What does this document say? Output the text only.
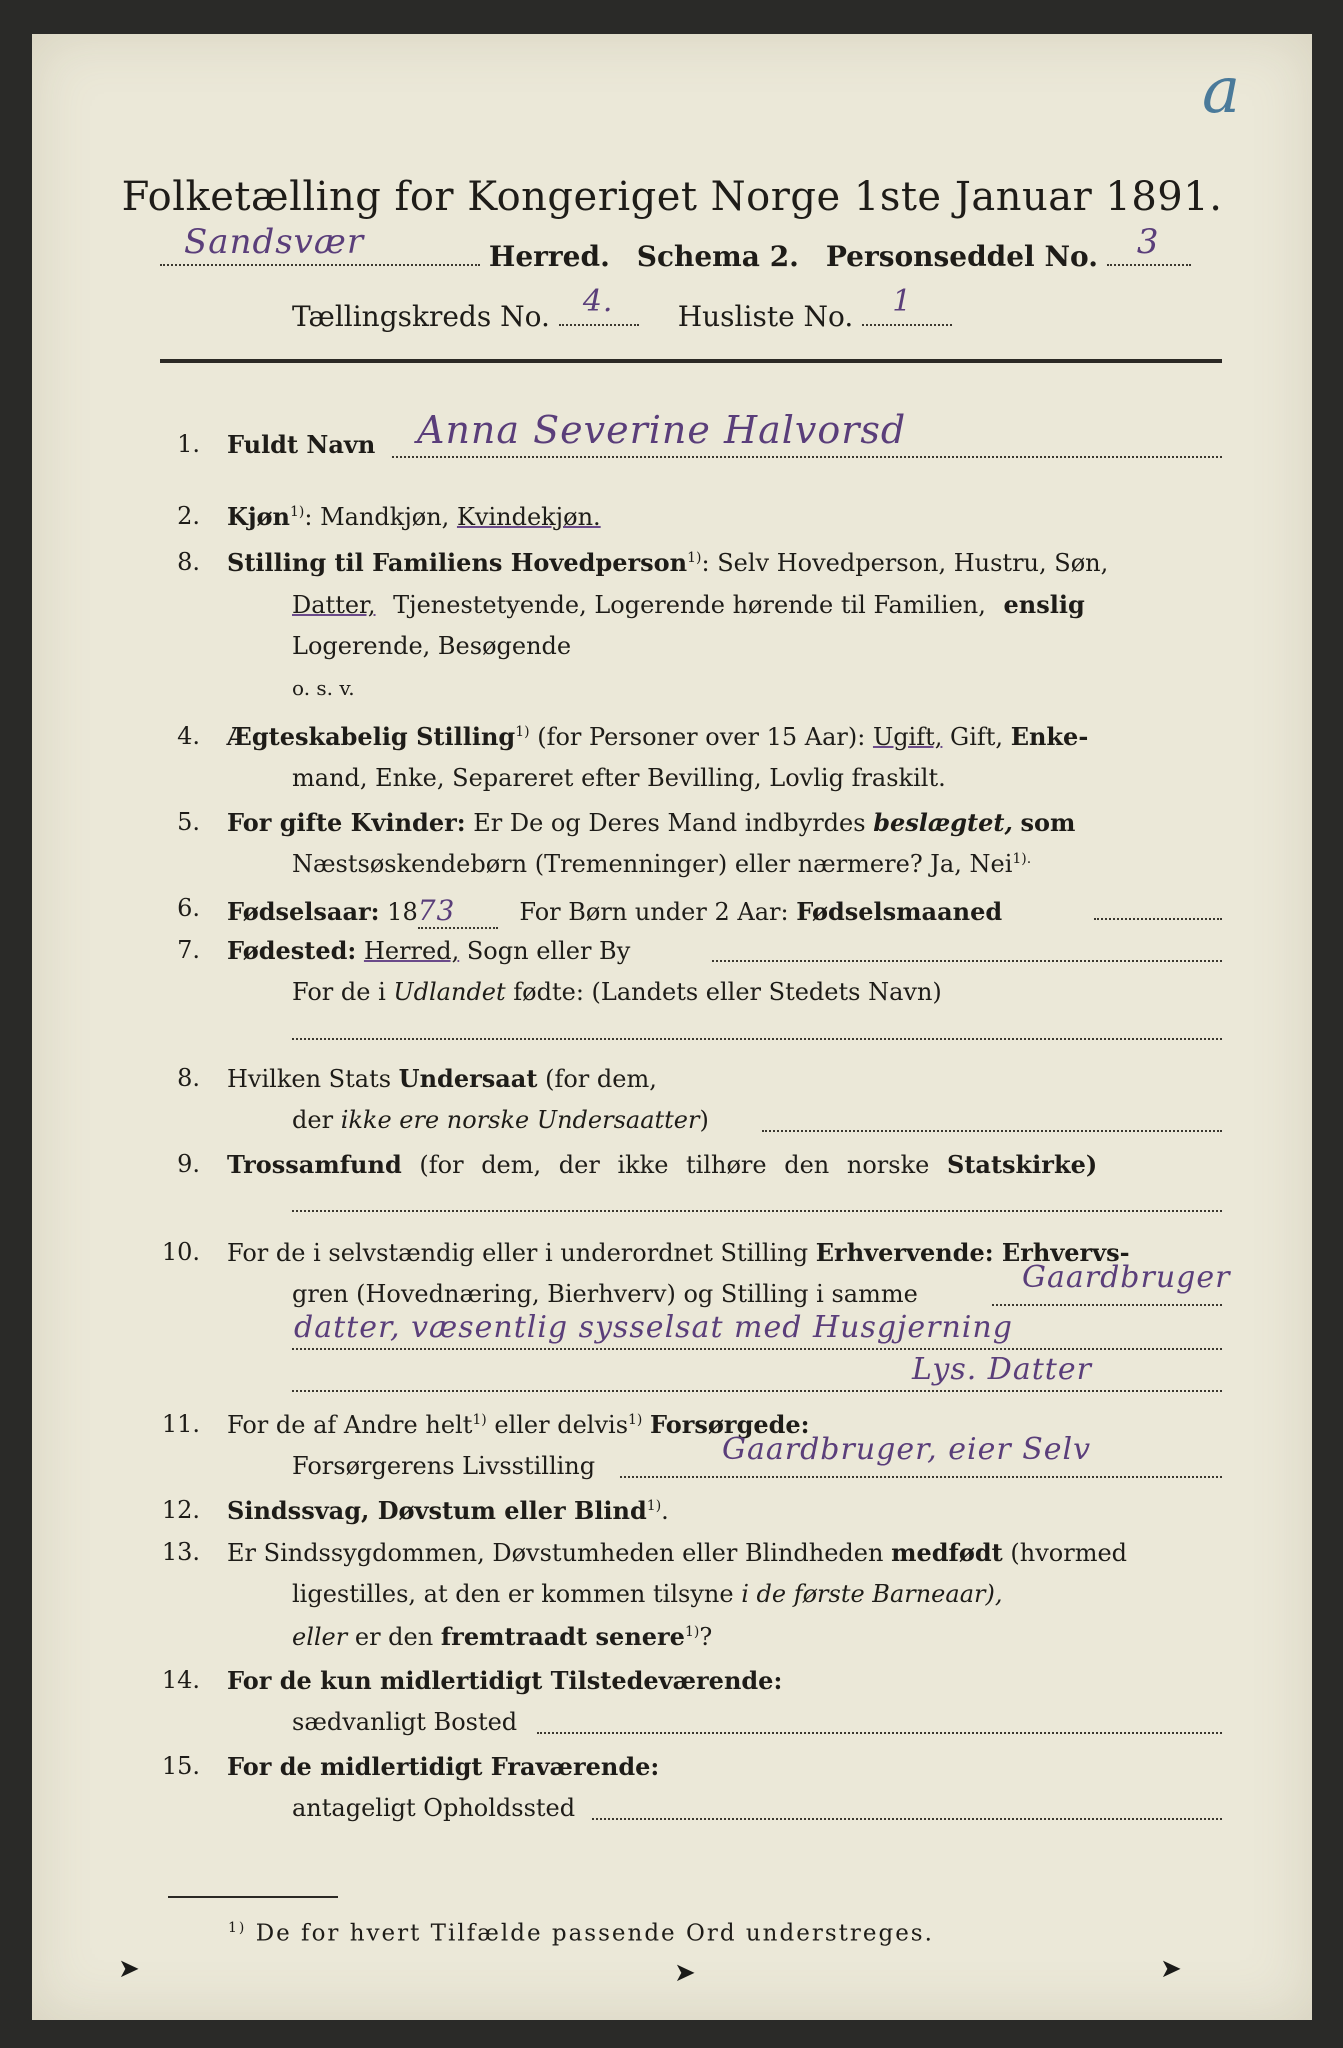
a
Folketælling for Kongeriget Norge 1ste Januar 1891.
Sandsvær	Herred. Schema 2. Personseddel No. 3
Tællingskreds No. 4. Husliste No. 1
1. Fuldt Navn Anna Severine Halvorsd
2. Kjøn$^{1)}$: Mandkjøn, Kvindekjøn.
8. Stilling til Familiens Hovedperson$^{1)}$: Selv Hovedperson, Hustru, Søn,
Datter, Tjenestetyende, Logerende hørende til Familien, enslig
Logerende, Besøgende
o. s. v.
4. Ægteskabelig Stilling$^{1)}$ (for Personer over 15 Aar): Ugift, Gift, Enke-
mand, Enke, Separeret efter Bevilling, Lovlig fraskilt.
5. For gifte Kvinder: Er De og Deres Mand indbyrdes beslægtet, som
Næstsøskendebørn (Tremenninger) eller nærmere? Ja, Nei$^{1).}$
6. Fødselsaar: 1873	For Børn under 2 Aar: Fødselsmaaned
7. Fødested: Herred, Sogn eller By
For de i Udlandet fødte: (Landets eller Stedets Navn)
8. Hvilken Stats Undersaat (for dem,
der ikke ere norske Undersaatter)
9. Trossamfund (for dem, der ikke tilhøre den norske Statskirke)
10. For de i selvstændig eller i underordnet Stilling Erhvervende: Erhvervs-
gren (Hovednæring, Bierhverv) og Stilling i samme	Gaardbruger
datter, væsentlig sysselsat med Husgjerning
Lys. Datter
11. For de af Andre helt$^{1)}$ eller delvis$^{1)}$ Forsørgede:
Forsørgerens Livsstilling	Gaardbruger, eier Selv
12. Sindssvag, Døvstum eller Blind$^{1)}$.
13. Er Sindssygdommen, Døvstumheden eller Blindheden medfødt (hvormed
ligestilles, at den er kommen tilsyne i de første Barneaar),
eller er den fremtraadt senere$^{1)}$?
14. For de kun midlertidigt Tilstedeværende:
sædvanligt Bosted
15. For de midlertidigt Fraværende:
antageligt Opholdssted
$^{1)}$ De for hvert Tilfælde passende Ord understreges.
➤	➤	➤
